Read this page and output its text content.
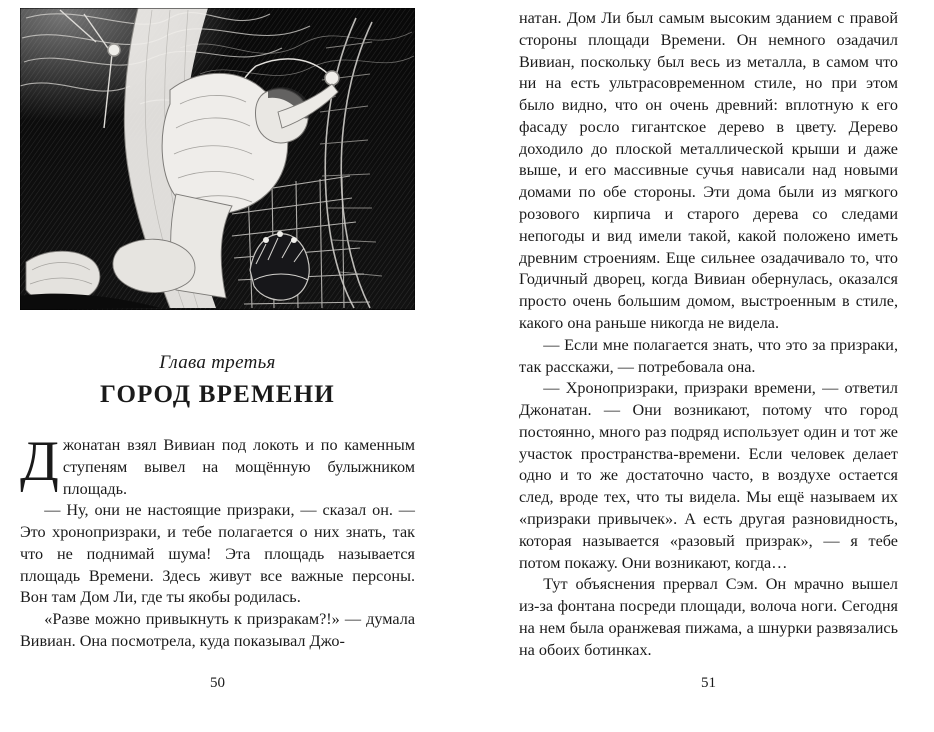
Глава третья
ГОРОД ВРЕМЕНИ

Джонатан взял Вивиан под локоть и по каменным ступеням вывел на мощённую булыжником площадь.

— Ну, они не настоящие призраки, — сказал он. — Это хронопризраки, и тебе полагается о них знать, так что не поднимай шума! Эта площадь называется площадь Времени. Здесь живут все важные персоны. Вон там Дом Ли, где ты якобы родилась.

«Разве можно привыкнуть к призракам?!» — думала Вивиан. Она посмотрела, куда показывал Джо-

50

натан. Дом Ли был самым высоким зданием с правой стороны площади Времени. Он немного озадачил Вивиан, поскольку был весь из металла, в самом что ни на есть ультрасовременном стиле, но при этом было видно, что он очень древний: вплотную к его фасаду росло гигантское дерево в цвету. Дерево доходило до плоской металлической крыши и даже выше, и его массивные сучья нависали над новыми домами по обе стороны. Эти дома были из мягкого розового кирпича и старого дерева со следами непогоды и вид имели такой, какой положено иметь древним строениям. Еще сильнее озадачивало то, что Годичный дворец, когда Вивиан обернулась, оказался просто очень большим домом, выстроенным в стиле, какого она раньше никогда не видела.

— Если мне полагается знать, что это за призраки, так расскажи, — потребовала она.

— Хронопризраки, призраки времени, — ответил Джонатан. — Они возникают, потому что город постоянно, много раз подряд использует один и тот же участок пространства-времени. Если человек делает одно и то же достаточно часто, в воздухе остается след, вроде тех, что ты видела. Мы ещё называем их «призраки привычек». А есть другая разновидность, которая называется «разовый призрак», — я тебе потом покажу. Они возникают, когда…

Тут объяснения прервал Сэм. Он мрачно вышел из-за фонтана посреди площади, волоча ноги. Сегодня на нем была оранжевая пижама, а шнурки развязались на обоих ботинках.

51
